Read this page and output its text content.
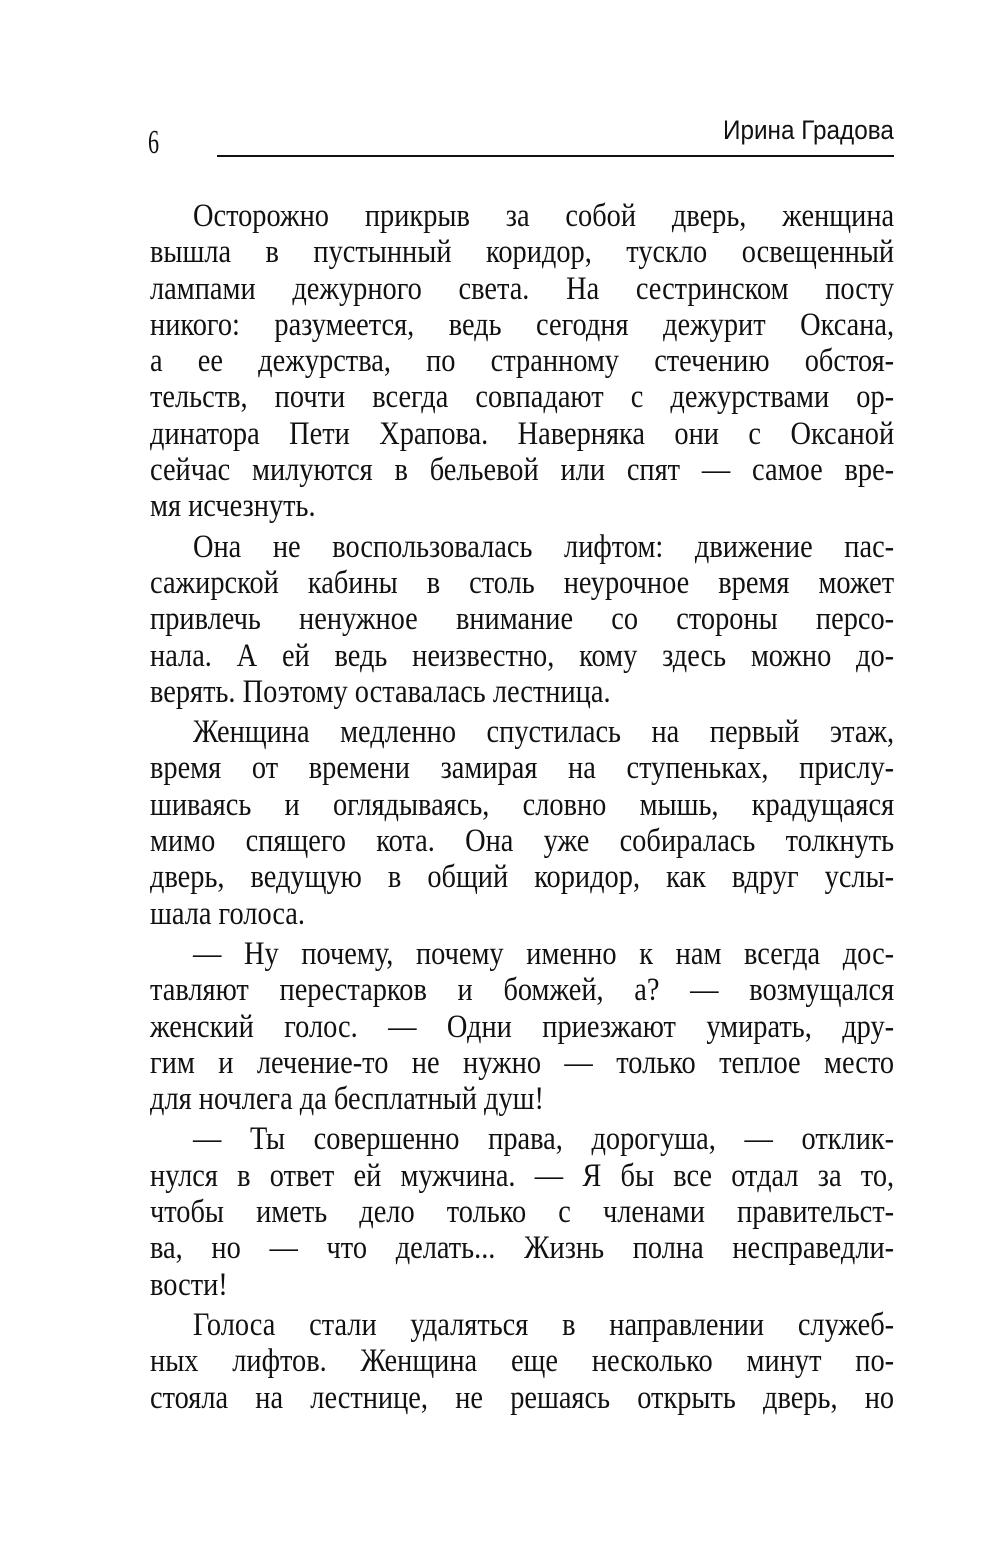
6	Ирина Градова
Осторожно прикрыв за собой дверь, женщина
вышла в пустынный коридор, тускло освещенный
лампами дежурного света. На сестринском посту
никого: разумеется, ведь сегодня дежурит Оксана,
а ее дежурства, по странному стечению обстоя-
тельств, почти всегда совпадают с дежурствами ор-
динатора Пети Храпова. Наверняка они с Оксаной
сейчас милуются в бельевой или спят — самое вре-
мя исчезнуть.
Она не воспользовалась лифтом: движение пас-
сажирской кабины в столь неурочное время может
привлечь ненужное внимание со стороны персо-
нала. А ей ведь неизвестно, кому здесь можно до-
верять. Поэтому оставалась лестница.
Женщина медленно спустилась на первый этаж,
время от времени замирая на ступеньках, прислу-
шиваясь и оглядываясь, словно мышь, крадущаяся
мимо спящего кота. Она уже собиралась толкнуть
дверь, ведущую в общий коридор, как вдруг услы-
шала голоса.
— Ну почему, почему именно к нам всегда дос-
тавляют перестарков и бомжей, а? — возмущался
женский голос. — Одни приезжают умирать, дру-
гим и лечение-то не нужно — только теплое место
для ночлега да бесплатный душ!
— Ты совершенно права, дорогуша, — отклик-
нулся в ответ ей мужчина. — Я бы все отдал за то,
чтобы иметь дело только с членами правительст-
ва, но — что делать... Жизнь полна несправедли-
вости!
Голоса стали удаляться в направлении служеб-
ных лифтов. Женщина еще несколько минут по-
стояла на лестнице, не решаясь открыть дверь, но
